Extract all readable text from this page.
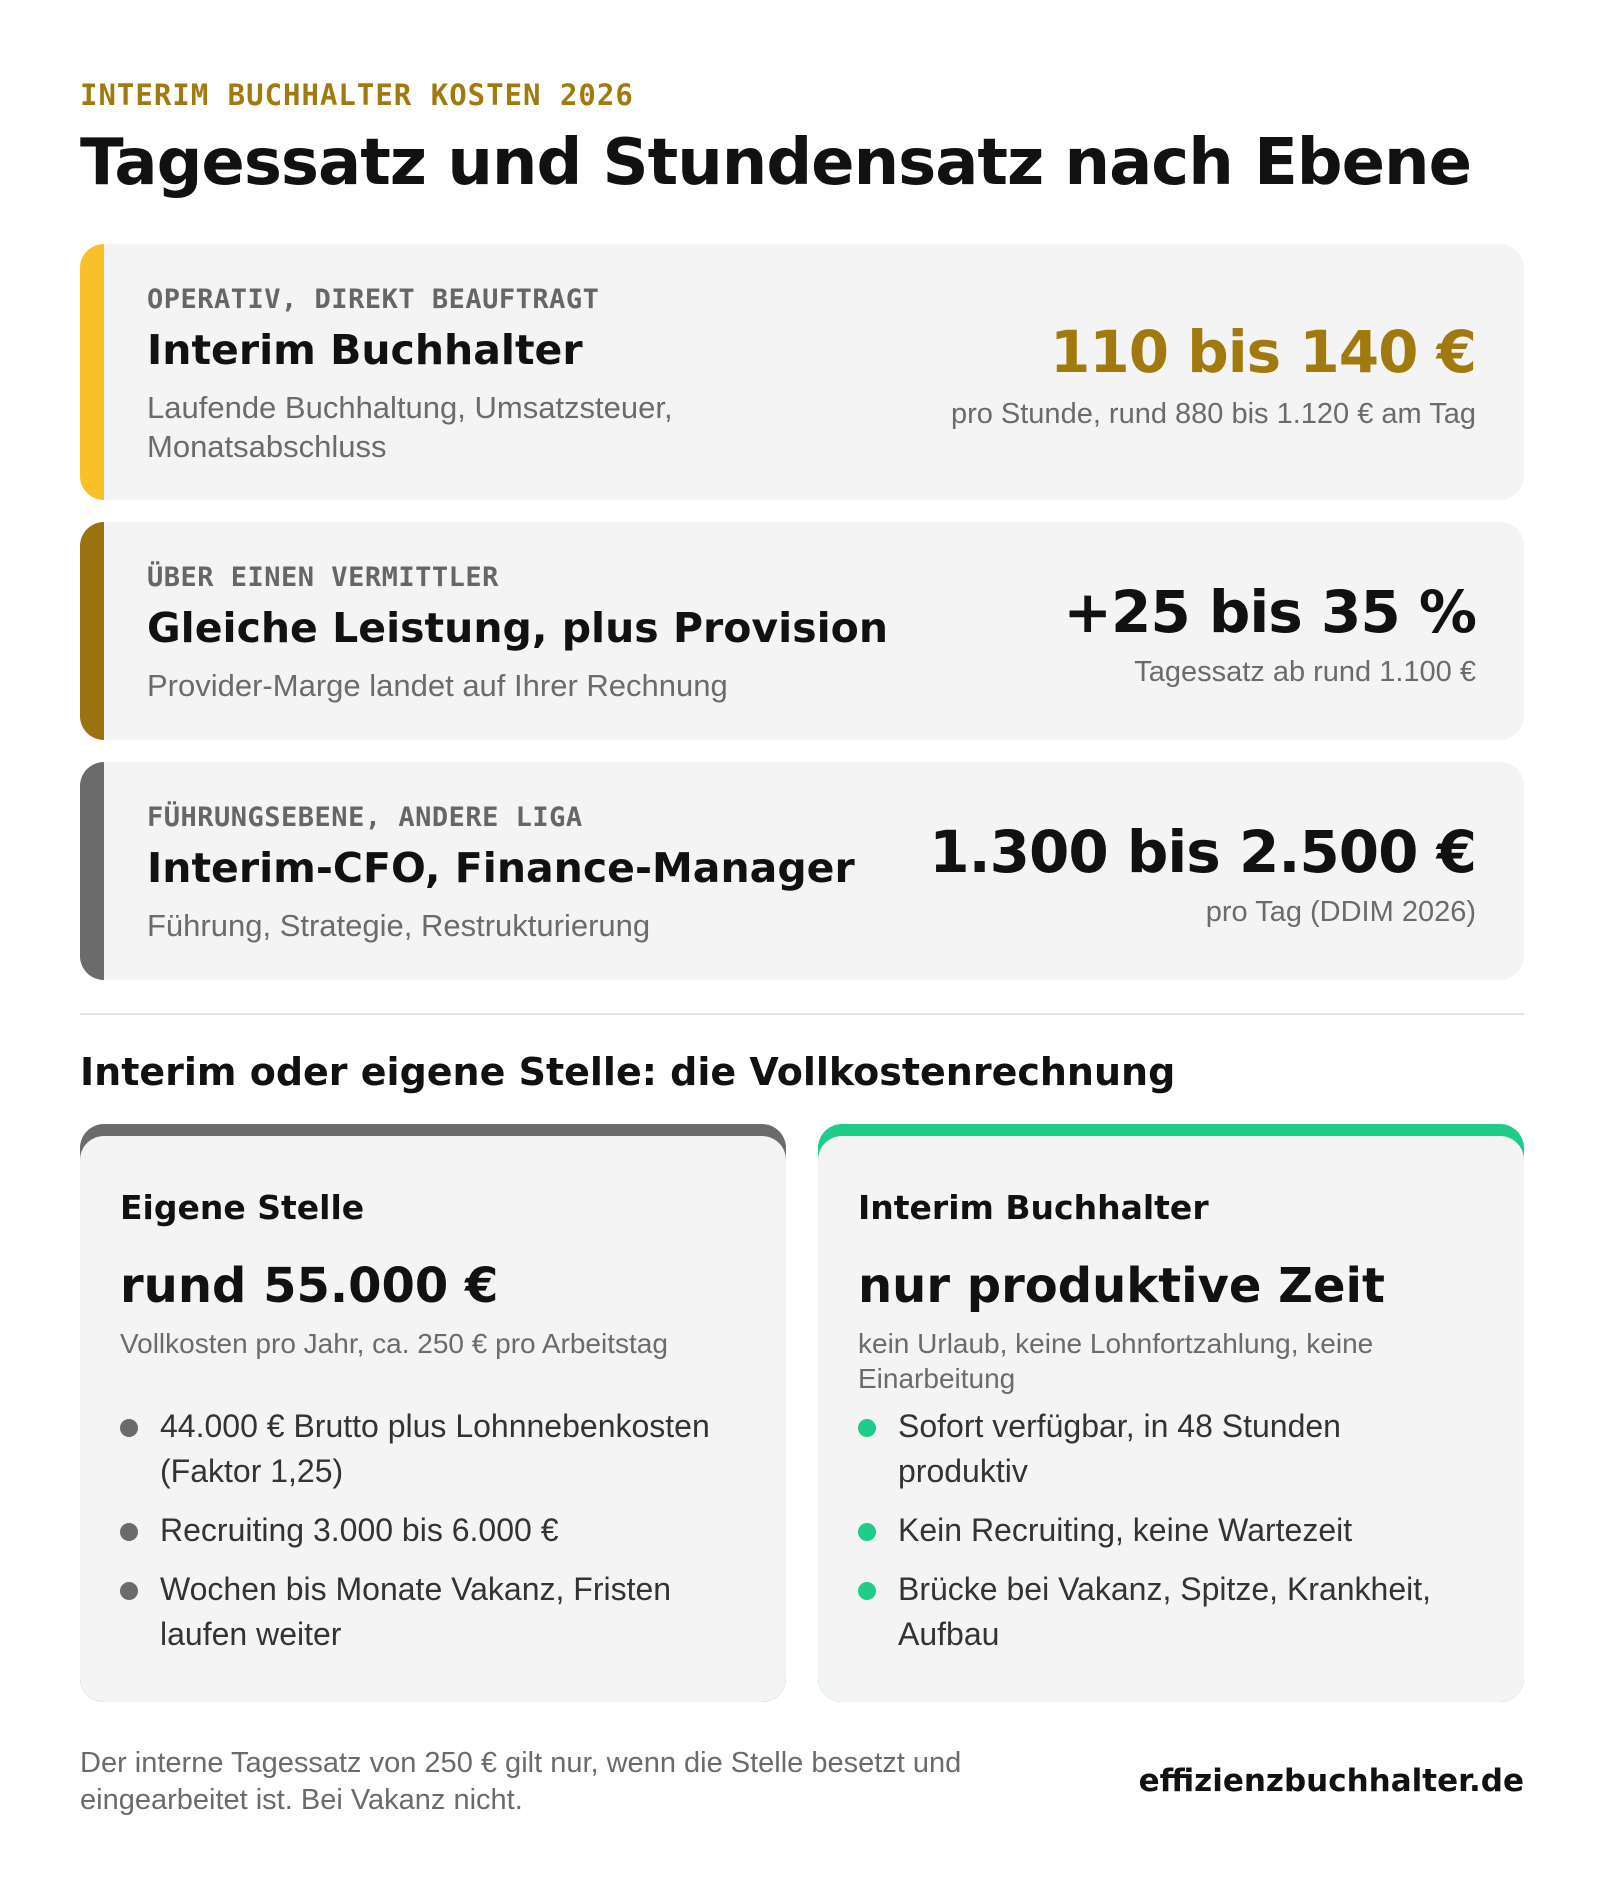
INTERIM BUCHHALTER KOSTEN 2026
Tagessatz und Stundensatz nach Ebene
OPERATIV, DIREKT BEAUFTRAGT
Interim Buchhalter
Laufende Buchhaltung, Umsatzsteuer, Monatsabschluss
110 bis 140 €
pro Stunde, rund 880 bis 1.120 € am Tag
ÜBER EINEN VERMITTLER
Gleiche Leistung, plus Provision
Provider-Marge landet auf Ihrer Rechnung
+25 bis 35 %
Tagessatz ab rund 1.100 €
FÜHRUNGSEBENE, ANDERE LIGA
Interim-CFO, Finance-Manager
Führung, Strategie, Restrukturierung
1.300 bis 2.500 €
pro Tag (DDIM 2026)
Interim oder eigene Stelle: die Vollkostenrechnung
Eigene Stelle
rund 55.000 €
Vollkosten pro Jahr, ca. 250 € pro Arbeitstag
44.000 € Brutto plus Lohnnebenkosten (Faktor 1,25)
Recruiting 3.000 bis 6.000 €
Wochen bis Monate Vakanz, Fristen laufen weiter
Interim Buchhalter
nur produktive Zeit
kein Urlaub, keine Lohnfortzahlung, keine Einarbeitung
Sofort verfügbar, in 48 Stunden produktiv
Kein Recruiting, keine Wartezeit
Brücke bei Vakanz, Spitze, Krankheit, Aufbau
Der interne Tagessatz von 250 € gilt nur, wenn die Stelle besetzt und eingearbeitet ist. Bei Vakanz nicht.
effizienzbuchhalter.de
